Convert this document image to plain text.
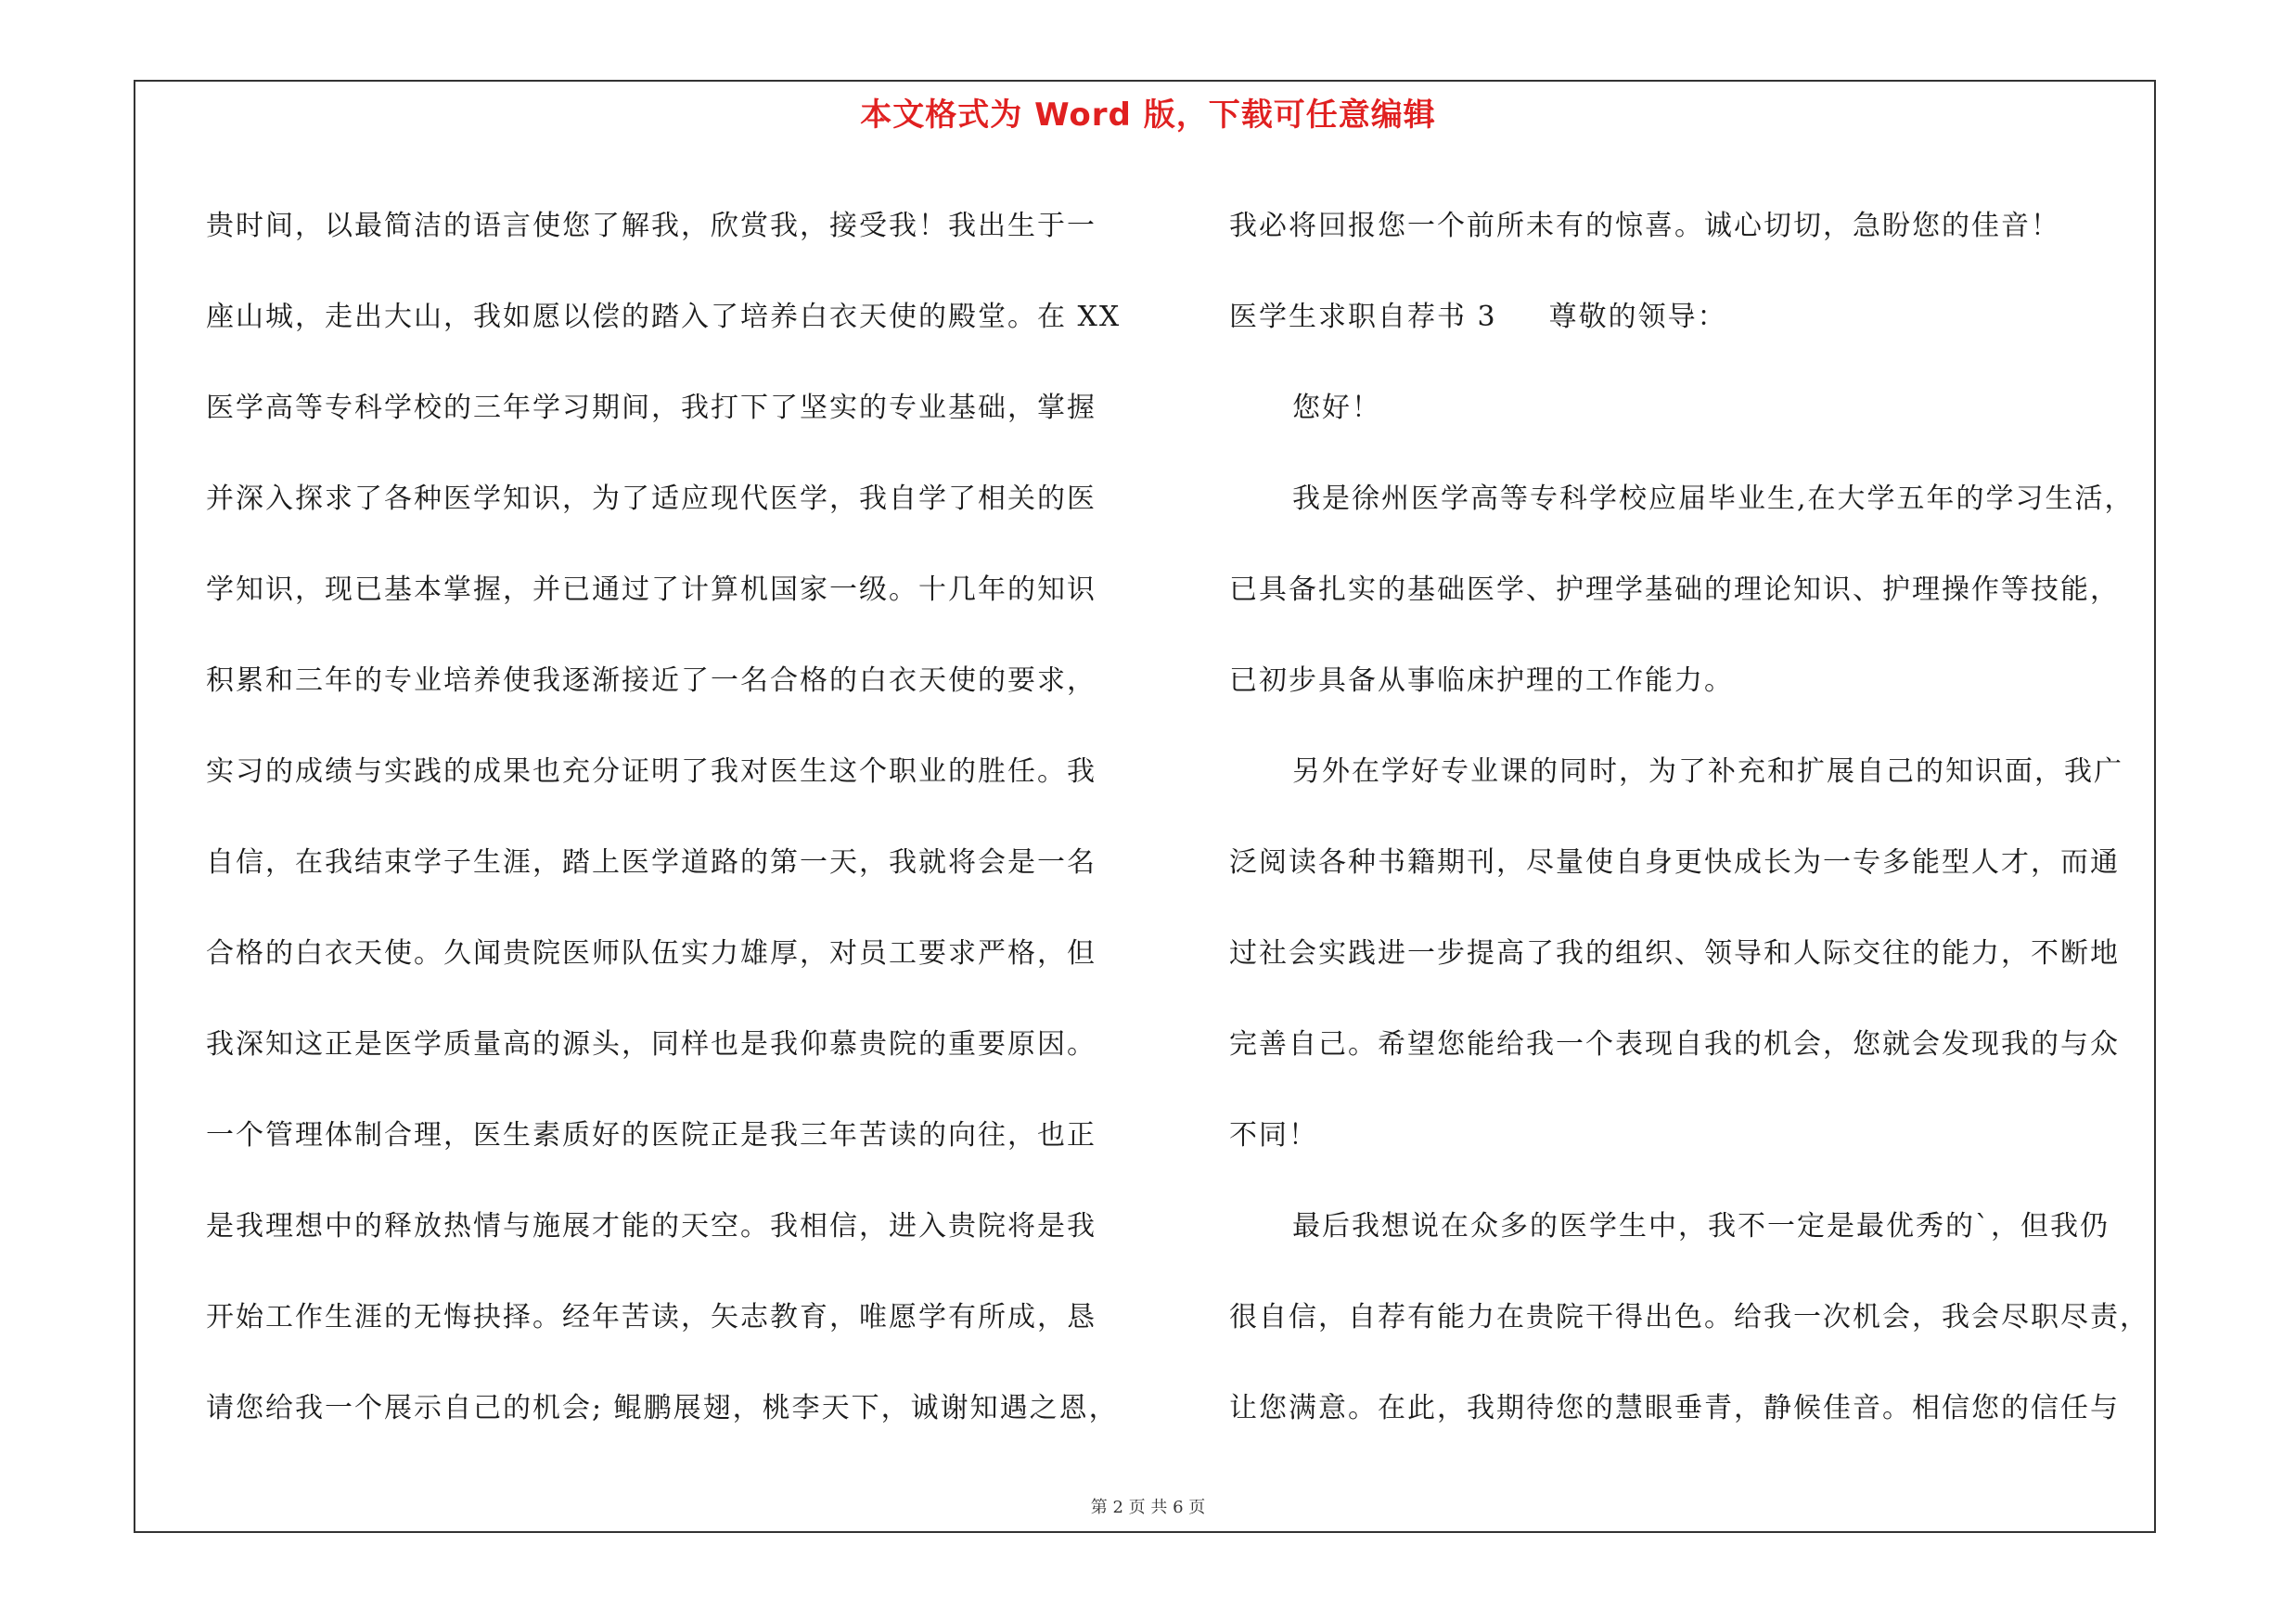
本文格式为 Word 版，下载可任意编辑
贵时间，以最简洁的语言使您了解我，欣赏我，接受我！我出生于一
座山城，走出大山，我如愿以偿的踏入了培养白衣天使的殿堂。在 XX
医学高等专科学校的三年学习期间，我打下了坚实的专业基础，掌握
并深入探求了各种医学知识，为了适应现代医学，我自学了相关的医
学知识，现已基本掌握，并已通过了计算机国家一级。十几年的知识
积累和三年的专业培养使我逐渐接近了一名合格的白衣天使的要求，
实习的成绩与实践的成果也充分证明了我对医生这个职业的胜任。我
自信，在我结束学子生涯，踏上医学道路的第一天，我就将会是一名
合格的白衣天使。久闻贵院医师队伍实力雄厚，对员工要求严格，但
我深知这正是医学质量高的源头，同样也是我仰慕贵院的重要原因。
一个管理体制合理，医生素质好的医院正是我三年苦读的向往，也正
是我理想中的释放热情与施展才能的天空。我相信，进入贵院将是我
开始工作生涯的无悔抉择。经年苦读，矢志教育，唯愿学有所成，恳
请您给我一个展示自己的机会; 鲲鹏展翅，桃李天下，诚谢知遇之恩，
我必将回报您一个前所未有的惊喜。诚心切切，急盼您的佳音！
医学生求职自荐书 3 尊敬的领导：
您好！
我是徐州医学高等专科学校应届毕业生,在大学五年的学习生活，
已具备扎实的基础医学、护理学基础的理论知识、护理操作等技能，
已初步具备从事临床护理的工作能力。
另外在学好专业课的同时，为了补充和扩展自己的知识面，我广
泛阅读各种书籍期刊，尽量使自身更快成长为一专多能型人才，而通
过社会实践进一步提高了我的组织、领导和人际交往的能力，不断地
完善自己。希望您能给我一个表现自我的机会，您就会发现我的与众
不同！
最后我想说在众多的医学生中，我不一定是最优秀的`，但我仍
很自信，自荐有能力在贵院干得出色。给我一次机会，我会尽职尽责，
让您满意。在此，我期待您的慧眼垂青，静候佳音。相信您的信任与
第 2 页 共 6 页
